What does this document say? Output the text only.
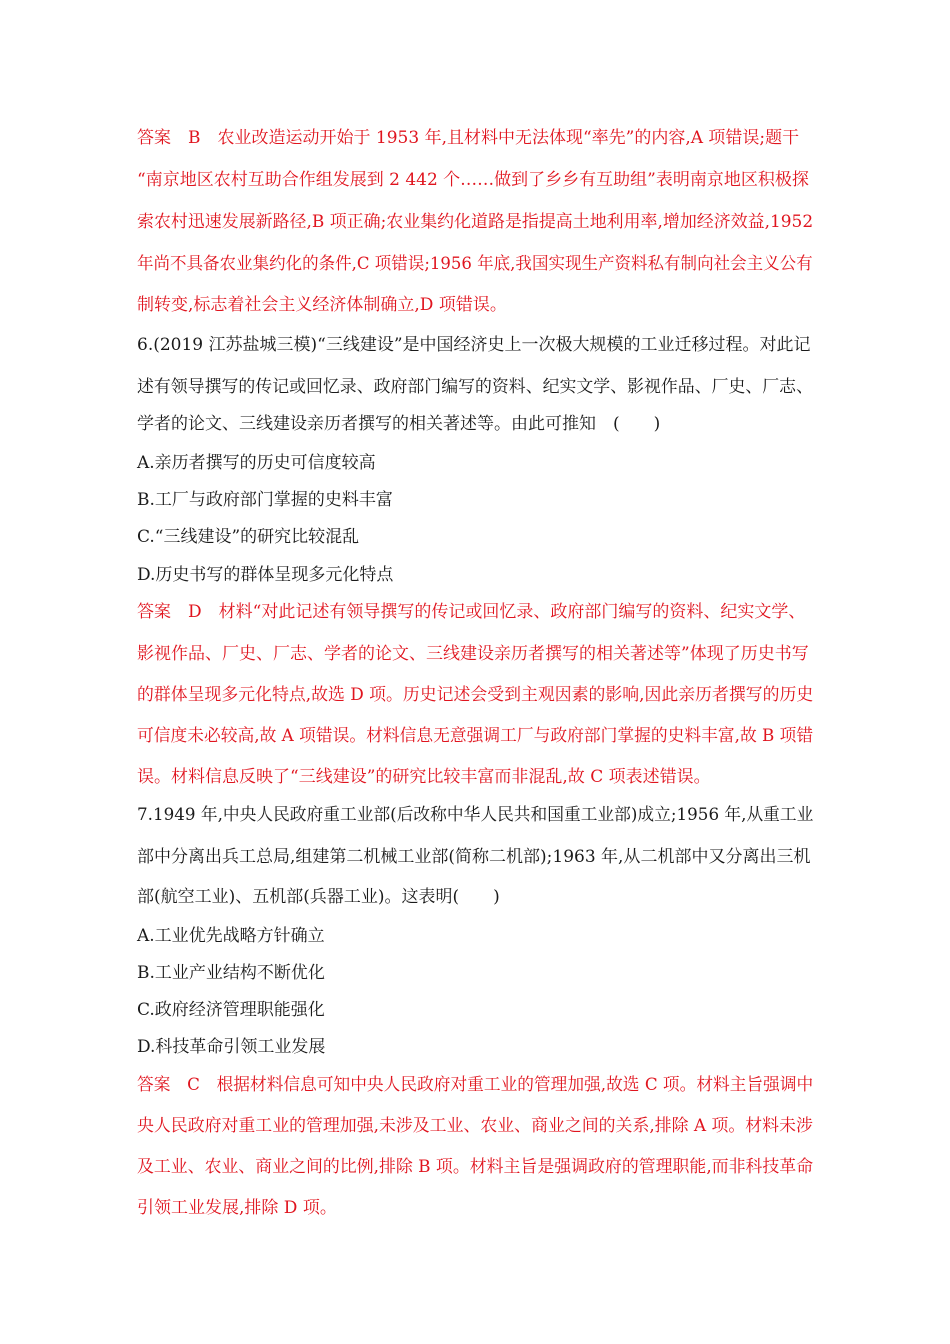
答案　B　农业改造运动开始于 1953 年,且材料中无法体现“率先”的内容,A 项错误;题干
“南京地区农村互助合作组发展到 2 442 个……做到了乡乡有互助组”表明南京地区积极探
索农村迅速发展新路径,B 项正确;农业集约化道路是指提高土地利用率,增加经济效益,1952
年尚不具备农业集约化的条件,C 项错误;1956 年底,我国实现生产资料私有制向社会主义公有
制转变,标志着社会主义经济体制确立,D 项错误。
6.(2019 江苏盐城三模)“三线建设”是中国经济史上一次极大规模的工业迁移过程。对此记
述有领导撰写的传记或回忆录、政府部门编写的资料、纪实文学、影视作品、厂史、厂志、
学者的论文、三线建设亲历者撰写的相关著述等。由此可推知　(　　)
A.亲历者撰写的历史可信度较高
B.工厂与政府部门掌握的史料丰富
C.“三线建设”的研究比较混乱
D.历史书写的群体呈现多元化特点
答案　D　材料“对此记述有领导撰写的传记或回忆录、政府部门编写的资料、纪实文学、
影视作品、厂史、厂志、学者的论文、三线建设亲历者撰写的相关著述等”体现了历史书写
的群体呈现多元化特点,故选 D 项。历史记述会受到主观因素的影响,因此亲历者撰写的历史
可信度未必较高,故 A 项错误。材料信息无意强调工厂与政府部门掌握的史料丰富,故 B 项错
误。材料信息反映了“三线建设”的研究比较丰富而非混乱,故 C 项表述错误。
7.1949 年,中央人民政府重工业部(后改称中华人民共和国重工业部)成立;1956 年,从重工业
部中分离出兵工总局,组建第二机械工业部(简称二机部);1963 年,从二机部中又分离出三机
部(航空工业)、五机部(兵器工业)。这表明(　　)
A.工业优先战略方针确立
B.工业产业结构不断优化
C.政府经济管理职能强化
D.科技革命引领工业发展
答案　C　根据材料信息可知中央人民政府对重工业的管理加强,故选 C 项。材料主旨强调中
央人民政府对重工业的管理加强,未涉及工业、农业、商业之间的关系,排除 A 项。材料未涉
及工业、农业、商业之间的比例,排除 B 项。材料主旨是强调政府的管理职能,而非科技革命
引领工业发展,排除 D 项。
